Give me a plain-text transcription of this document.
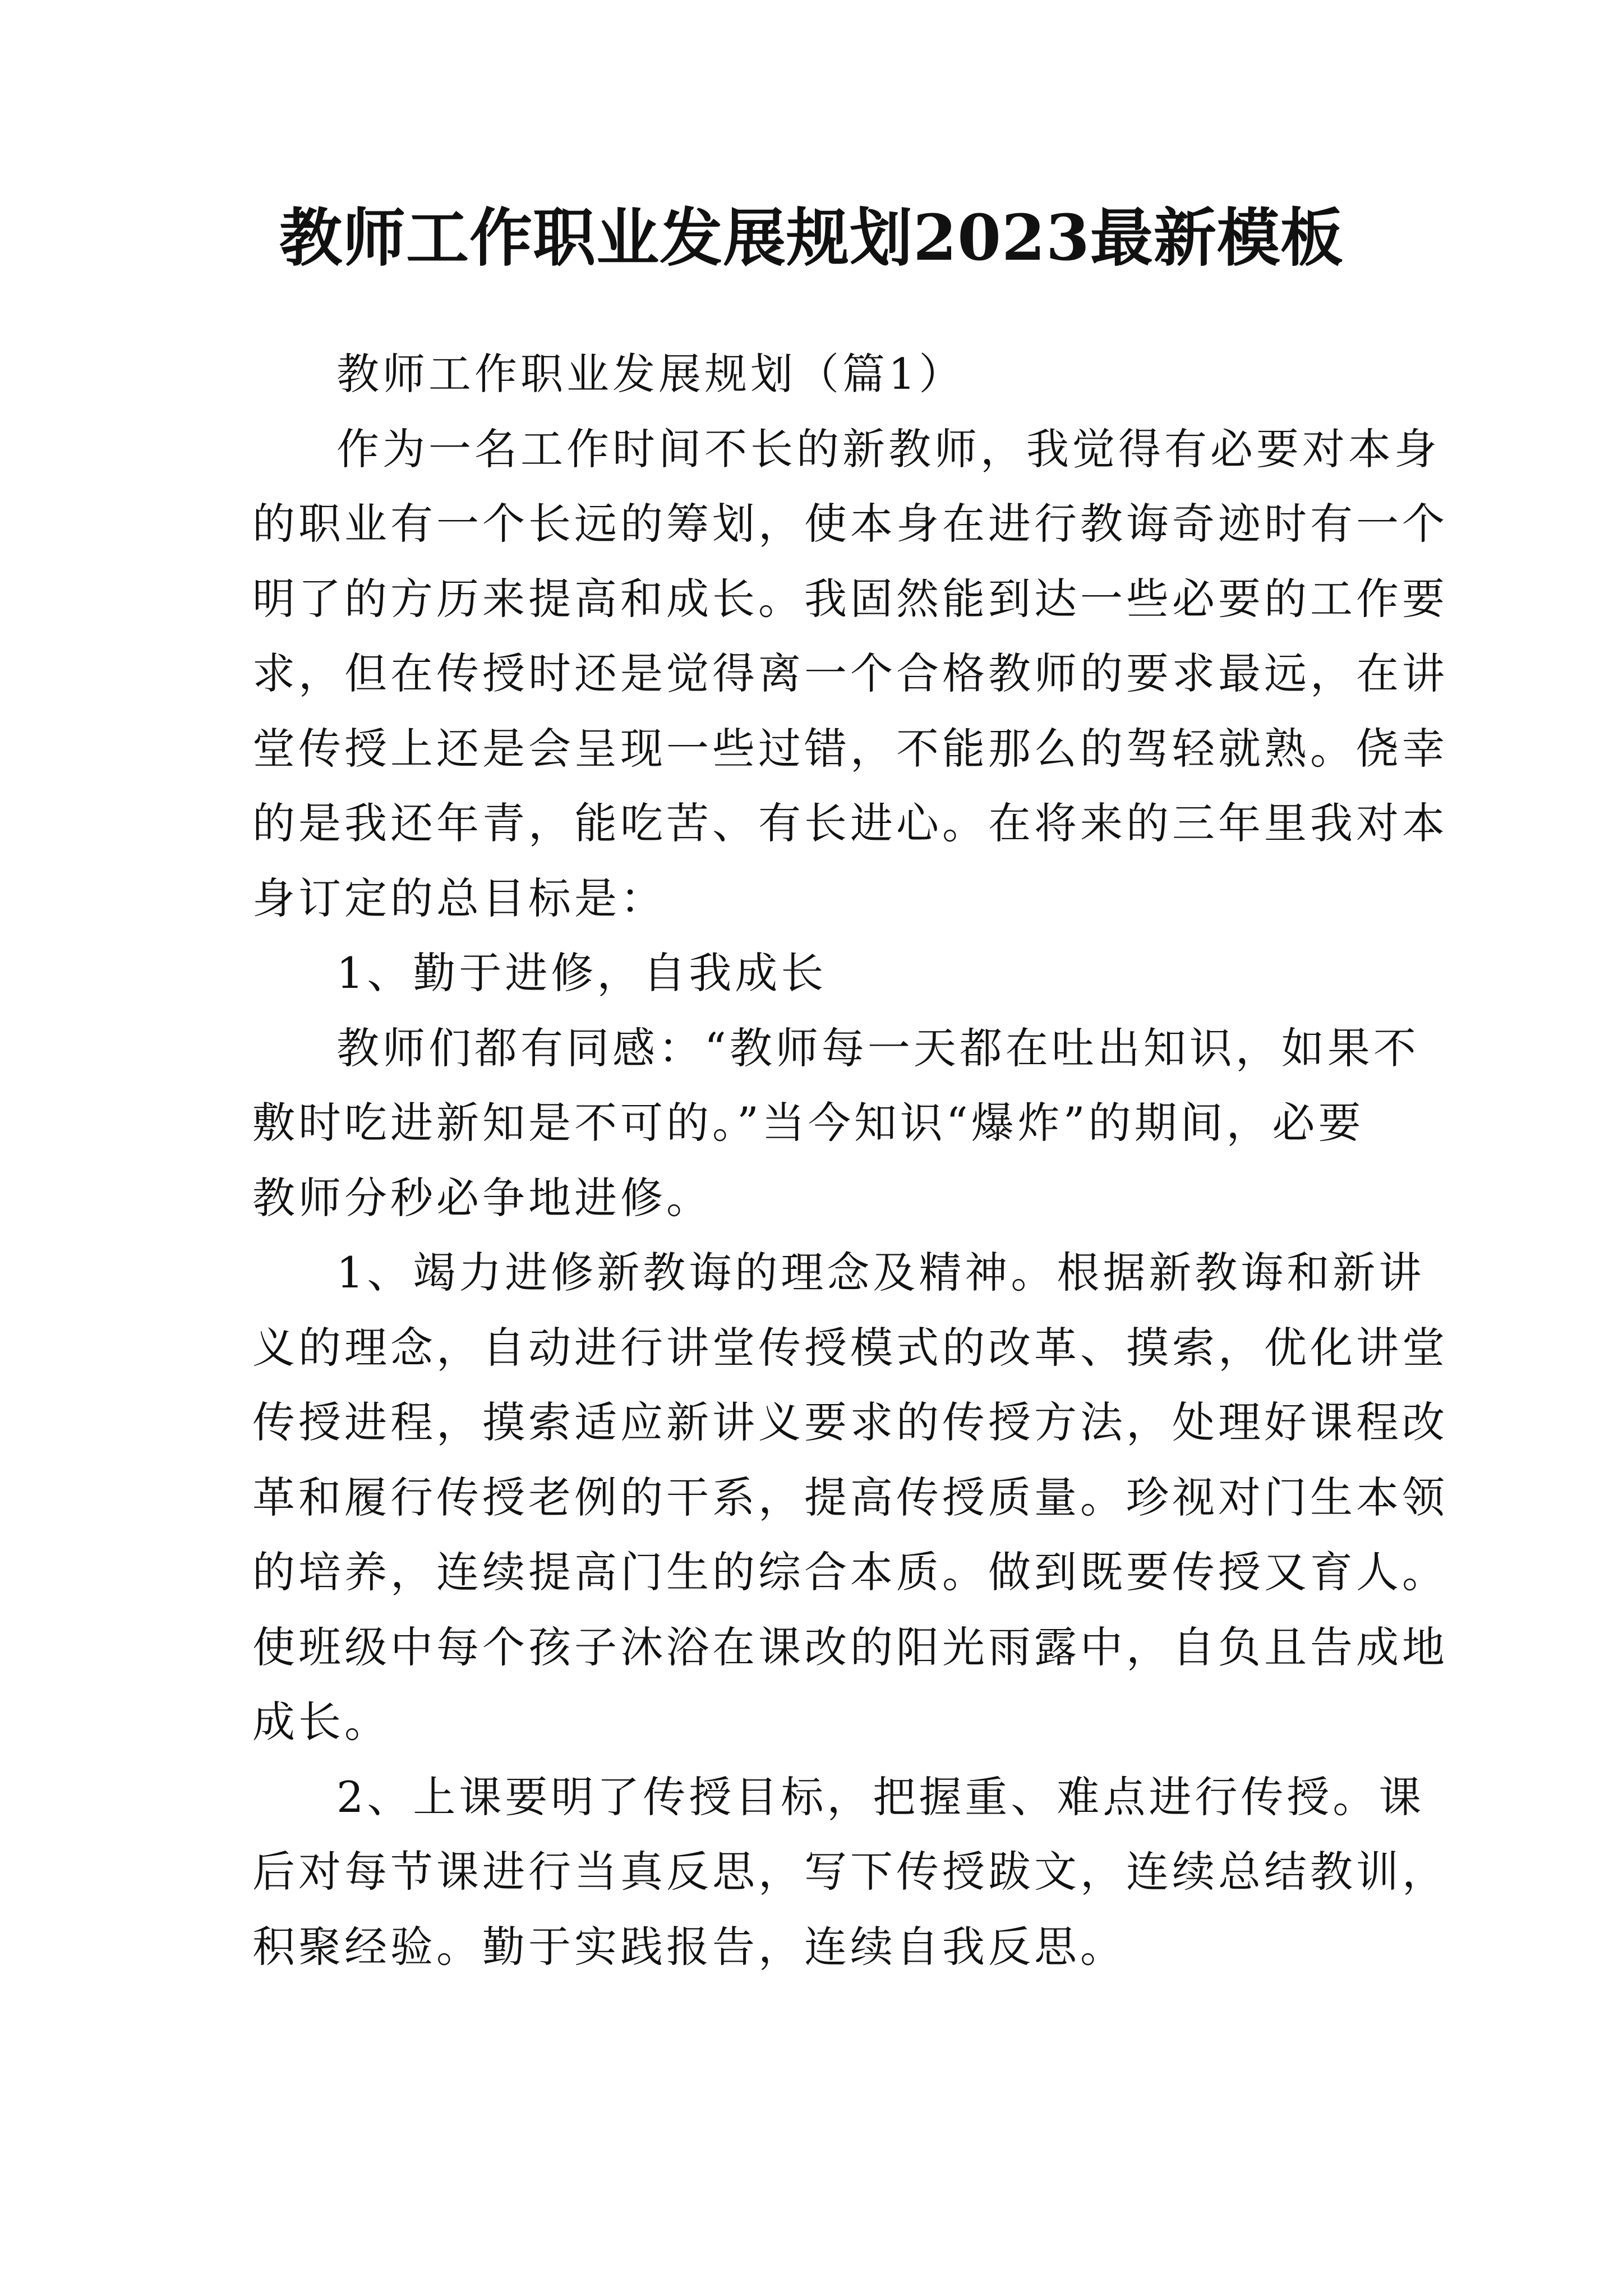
教师工作职业发展规划2023最新模板
教师工作职业发展规划（篇1）
作为一名工作时间不长的新教师，我觉得有必要对本身
的职业有一个长远的筹划，使本身在进行教诲奇迹时有一个
明了的方历来提高和成长。我固然能到达一些必要的工作要
求，但在传授时还是觉得离一个合格教师的要求最远，在讲
堂传授上还是会呈现一些过错，不能那么的驾轻就熟。侥幸
的是我还年青，能吃苦、有长进心。在将来的三年里我对本
身订定的总目标是：
1、勤于进修，自我成长
教师们都有同感：“教师每一天都在吐出知识，如果不
敷时吃进新知是不可的。”当今知识“爆炸”的期间，必要
教师分秒必争地进修。
1、竭力进修新教诲的理念及精神。根据新教诲和新讲
义的理念，自动进行讲堂传授模式的改革、摸索，优化讲堂
传授进程，摸索适应新讲义要求的传授方法，处理好课程改
革和履行传授老例的干系，提高传授质量。珍视对门生本领
的培养，连续提高门生的综合本质。做到既要传授又育人。
使班级中每个孩子沐浴在课改的阳光雨露中，自负且告成地
成长。
2、上课要明了传授目标，把握重、难点进行传授。课
后对每节课进行当真反思，写下传授跋文，连续总结教训，
积聚经验。勤于实践报告，连续自我反思。
